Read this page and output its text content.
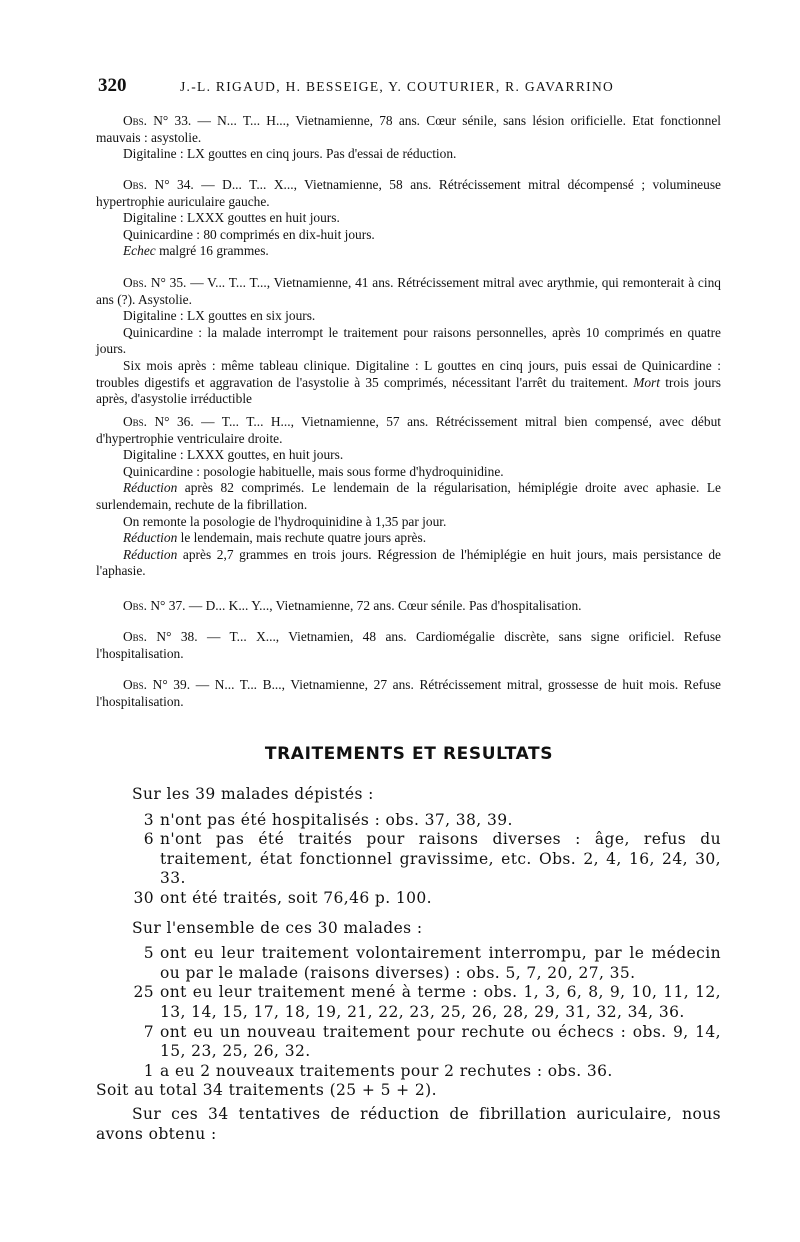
320	J.-L. RIGAUD, H. BESSEIGE, Y. COUTURIER, R. GAVARRINO

Obs. N° 33. — N... T... H..., Vietnamienne, 78 ans. Cœur sénile, sans lésion orificielle. Etat fonctionnel mauvais : asystolie.

Digitaline : LX gouttes en cinq jours. Pas d'essai de réduction.

Obs. N° 34. — D... T... X..., Vietnamienne, 58 ans. Rétrécissement mitral décompensé ; volumineuse hypertrophie auriculaire gauche.

Digitaline : LXXX gouttes en huit jours.

Quinicardine : 80 comprimés en dix-huit jours.

Echec malgré 16 grammes.

Obs. N° 35. — V... T... T..., Vietnamienne, 41 ans. Rétrécissement mitral avec arythmie, qui remonterait à cinq ans (?). Asystolie.

Digitaline : LX gouttes en six jours.

Quinicardine : la malade interrompt le traitement pour raisons personnelles, après 10 comprimés en quatre jours.

Six mois après : même tableau clinique. Digitaline : L gouttes en cinq jours, puis essai de Quinicardine : troubles digestifs et aggravation de l'asystolie à 35 comprimés, nécessitant l'arrêt du traitement. Mort trois jours après, d'asystolie irréductible

Obs. N° 36. — T... T... H..., Vietnamienne, 57 ans. Rétrécissement mitral bien compensé, avec début d'hypertrophie ventriculaire droite.

Digitaline : LXXX gouttes, en huit jours.

Quinicardine : posologie habituelle, mais sous forme d'hydroquinidine.

Réduction après 82 comprimés. Le lendemain de la régularisation, hémiplégie droite avec aphasie. Le surlendemain, rechute de la fibrillation.

On remonte la posologie de l'hydroquinidine à 1,35 par jour.

Réduction le lendemain, mais rechute quatre jours après.

Réduction après 2,7 grammes en trois jours. Régression de l'hémiplégie en huit jours, mais persistance de l'aphasie.

Obs. N° 37. — D... K... Y..., Vietnamienne, 72 ans. Cœur sénile. Pas d'hospitalisation.

Obs. N° 38. — T... X..., Vietnamien, 48 ans. Cardiomégalie discrète, sans signe orificiel. Refuse l'hospitalisation.

Obs. N° 39. — N... T... B..., Vietnamienne, 27 ans. Rétrécissement mitral, grossesse de huit mois. Refuse l'hospitalisation.

TRAITEMENTS ET RESULTATS

Sur les 39 malades dépistés :

3 n'ont pas été hospitalisés : obs. 37, 38, 39.
6 n'ont pas été traités pour raisons diverses : âge, refus du traitement, état fonctionnel gravissime, etc. Obs. 2, 4, 16, 24, 30, 33.
30 ont été traités, soit 76,46 p. 100.

Sur l'ensemble de ces 30 malades :

5 ont eu leur traitement volontairement interrompu, par le médecin ou par le malade (raisons diverses) : obs. 5, 7, 20, 27, 35.
25 ont eu leur traitement mené à terme : obs. 1, 3, 6, 8, 9, 10, 11, 12, 13, 14, 15, 17, 18, 19, 21, 22, 23, 25, 26, 28, 29, 31, 32, 34, 36.
7 ont eu un nouveau traitement pour rechute ou échecs : obs. 9, 14, 15, 23, 25, 26, 32.
1 a eu 2 nouveaux traitements pour 2 rechutes : obs. 36.

Soit au total 34 traitements (25 + 5 + 2).

Sur ces 34 tentatives de réduction de fibrillation auriculaire, nous avons obtenu :
